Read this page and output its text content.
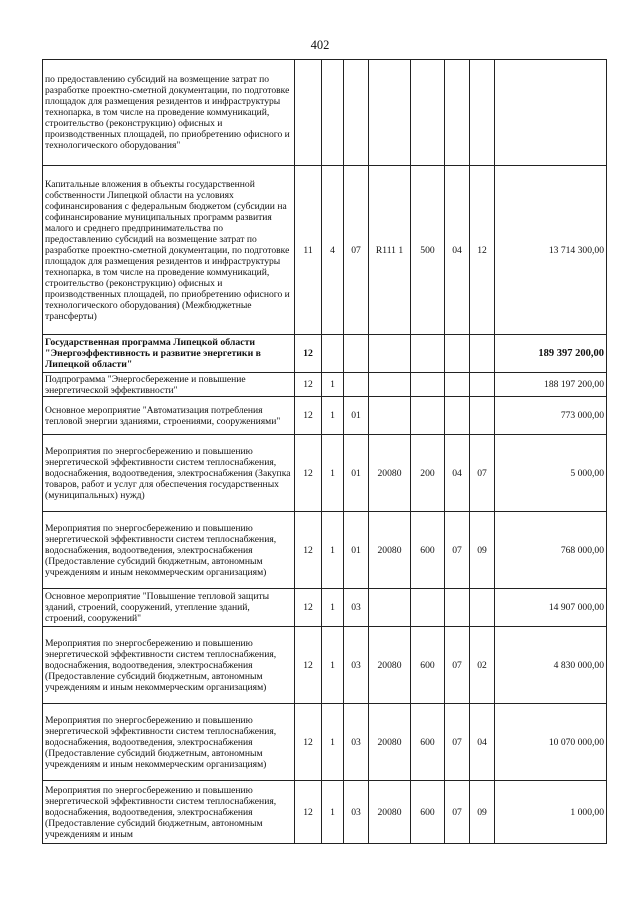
402
по предоставлению субсидий на возмещение затрат по разработке проектно-сметной документации, по подготовке площадок для размещения резидентов и инфраструктуры технопарка, в том числе на проведение коммуникаций, строительство (реконструкцию) офисных и производственных площадей, по приобретению офисного и технологического оборудования"								
Капитальные вложения в объекты государственной собственности Липецкой области на условиях софинансирования с федеральным бюджетом (субсидии на софинансирование муниципальных программ развития малого и среднего предпринимательства по предоставлению субсидий на возмещение затрат по разработке проектно-сметной документации, по подготовке площадок для размещения резидентов и инфраструктуры технопарка, в том числе на проведение коммуникаций, строительство (реконструкцию) офисных и производственных площадей, по приобретению офисного и технологического оборудования) (Межбюджетные трансферты)	11	4	07	R111 1	500	04	12	13 714 300,00
Государственная программа Липецкой области "Энергоэффективность и развитие энергетики в Липецкой области"	12							189 397 200,00
Подпрограмма "Энергосбережение и повышение энергетической эффективности"	12	1						188 197 200,00
Основное мероприятие "Автоматизация потребления тепловой энергии зданиями, строениями, сооружениями"	12	1	01					773 000,00
Мероприятия по энергосбережению и повышению энергетической эффективности систем теплоснабжения, водоснабжения, водоотведения, электроснабжения (Закупка товаров, работ и услуг для обеспечения государственных (муниципальных) нужд)	12	1	01	20080	200	04	07	5 000,00
Мероприятия по энергосбережению и повышению энергетической эффективности систем теплоснабжения, водоснабжения, водоотведения, электроснабжения (Предоставление субсидий бюджетным, автономным учреждениям и иным некоммерческим организациям)	12	1	01	20080	600	07	09	768 000,00
Основное мероприятие "Повышение тепловой защиты зданий, строений, сооружений, утепление зданий, строений, сооружений"	12	1	03					14 907 000,00
Мероприятия по энергосбережению и повышению энергетической эффективности систем теплоснабжения, водоснабжения, водоотведения, электроснабжения (Предоставление субсидий бюджетным, автономным учреждениям и иным некоммерческим организациям)	12	1	03	20080	600	07	02	4 830 000,00
Мероприятия по энергосбережению и повышению энергетической эффективности систем теплоснабжения, водоснабжения, водоотведения, электроснабжения (Предоставление субсидий бюджетным, автономным учреждениям и иным некоммерческим организациям)	12	1	03	20080	600	07	04	10 070 000,00
Мероприятия по энергосбережению и повышению энергетической эффективности систем теплоснабжения, водоснабжения, водоотведения, электроснабжения (Предоставление субсидий бюджетным, автономным учреждениям и иным	12	1	03	20080	600	07	09	1 000,00
